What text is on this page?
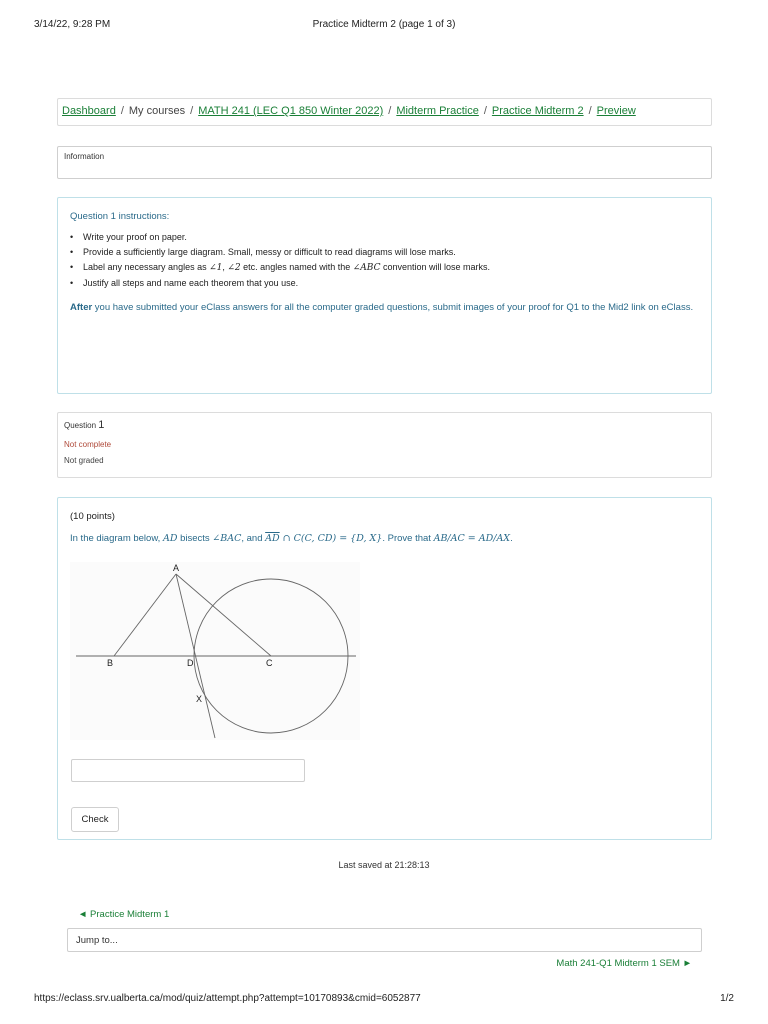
3/14/22, 9:28 PM	Practice Midterm 2 (page 1 of 3)
Dashboard / My courses / MATH 241 (LEC Q1 850 Winter 2022) / Midterm Practice / Practice Midterm 2 / Preview
Information
Question 1 instructions:
• Write your proof on paper.
• Provide a sufficiently large diagram. Small, messy or difficult to read diagrams will lose marks.
• Label any necessary angles as ∠1, ∠2 etc. angles named with the ∠ABC convention will lose marks.
• Justify all steps and name each theorem that you use.
After you have submitted your eClass answers for all the computer graded questions, submit images of your proof for Q1 to the Mid2 link on eClass.
Question 1
Not complete
Not graded
(10 points)
In the diagram below, AD bisects ∠BAC, and $\overline{AD}$ ∩ C(C, CD) = {D, X}. Prove that AB/AC = AD/AX.
A
B	D	C
X
Check
Last saved at 21:28:13
◄ Practice Midterm 1
Jump to...
Math 241-Q1 Midterm 1 SEM ►
https://eclass.srv.ualberta.ca/mod/quiz/attempt.php?attempt=10170893&cmid=6052877	1/2
